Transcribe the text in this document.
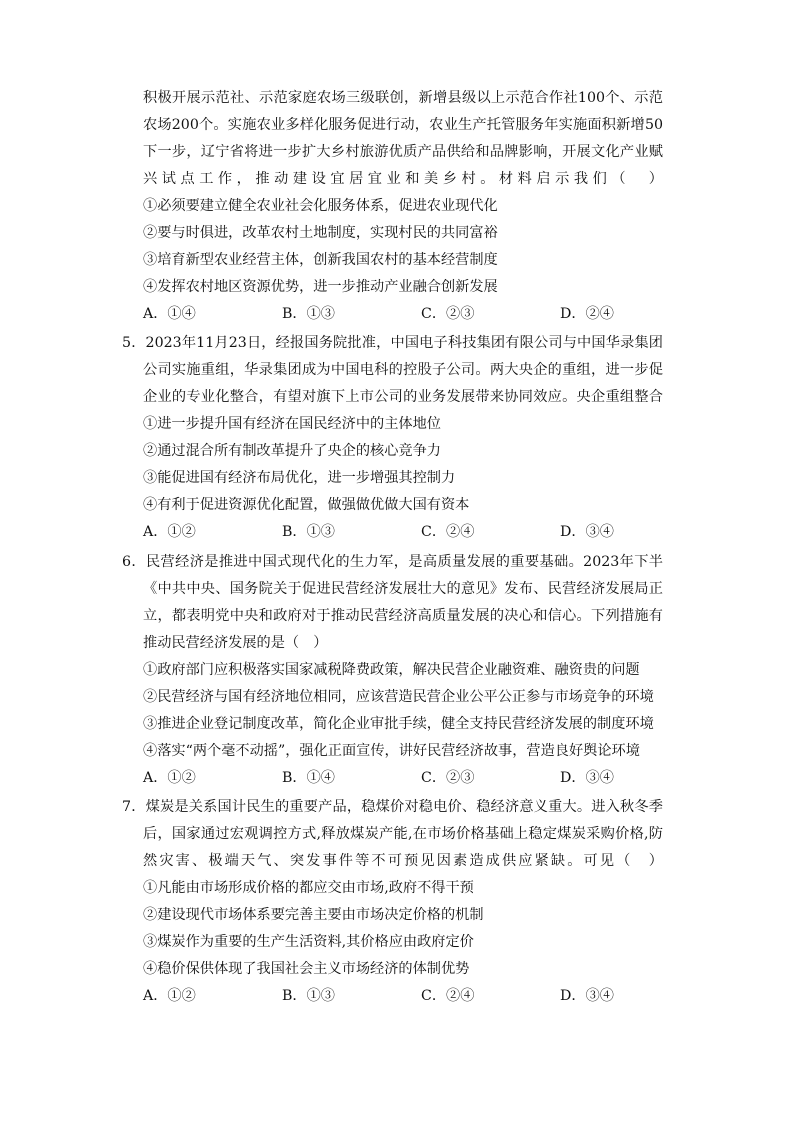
积极开展示范社、示范家庭农场三级联创，新增县级以上示范合作社100个、示范
农场200个。实施农业多样化服务促进行动，农业生产托管服务年实施面积新增50
下一步，辽宁省将进一步扩大乡村旅游优质产品供给和品牌影响，开展文化产业赋
兴试点工作，推动建设宜居宜业和美乡村。材料启示我们（　）
①必须要建立健全农业社会化服务体系，促进农业现代化
②要与时俱进，改革农村土地制度，实现村民的共同富裕
③培育新型农业经营主体，创新我国农村的基本经营制度
④发挥农村地区资源优势，进一步推动产业融合创新发展
A．①④	B．①③	C．②③	D．②④
5．2023年11月23日，经报国务院批准，中国电子科技集团有限公司与中国华录集团
公司实施重组，华录集团成为中国电科的控股子公司。两大央企的重组，进一步促
企业的专业化整合，有望对旗下上市公司的业务发展带来协同效应。央企重组整合　
①进一步提升国有经济在国民经济中的主体地位
②通过混合所有制改革提升了央企的核心竞争力
③能促进国有经济布局优化，进一步增强其控制力
④有利于促进资源优化配置，做强做优做大国有资本
A．①②	B．①③	C．②④	D．③④
6．民营经济是推进中国式现代化的生力军，是高质量发展的重要基础。2023年下半
《中共中央、国务院关于促进民营经济发展壮大的意见》发布、民营经济发展局正
立，都表明党中央和政府对于推动民营经济高质量发展的决心和信心。下列措施有
推动民营经济发展的是（　）
①政府部门应积极落实国家减税降费政策，解决民营企业融资难、融资贵的问题
②民营经济与国有经济地位相同，应该营造民营企业公平公正参与市场竞争的环境
③推进企业登记制度改革，简化企业审批手续，健全支持民营经济发展的制度环境
④落实“两个毫不动摇”，强化正面宣传，讲好民营经济故事，营造良好舆论环境
A．①②	B．①④	C．②③	D．③④
7．煤炭是关系国计民生的重要产品，稳煤价对稳电价、稳经济意义重大。进入秋冬季
后，国家通过宏观调控方式,释放煤炭产能,在市场价格基础上稳定煤炭采购价格,防
然灾害、极端天气、突发事件等不可预见因素造成供应紧缺。可见（　）
①凡能由市场形成价格的都应交由市场,政府不得干预
②建设现代市场体系要完善主要由市场决定价格的机制
③煤炭作为重要的生产生活资料,其价格应由政府定价
④稳价保供体现了我国社会主义市场经济的体制优势
A．①②	B．①③	C．②④	D．③④
